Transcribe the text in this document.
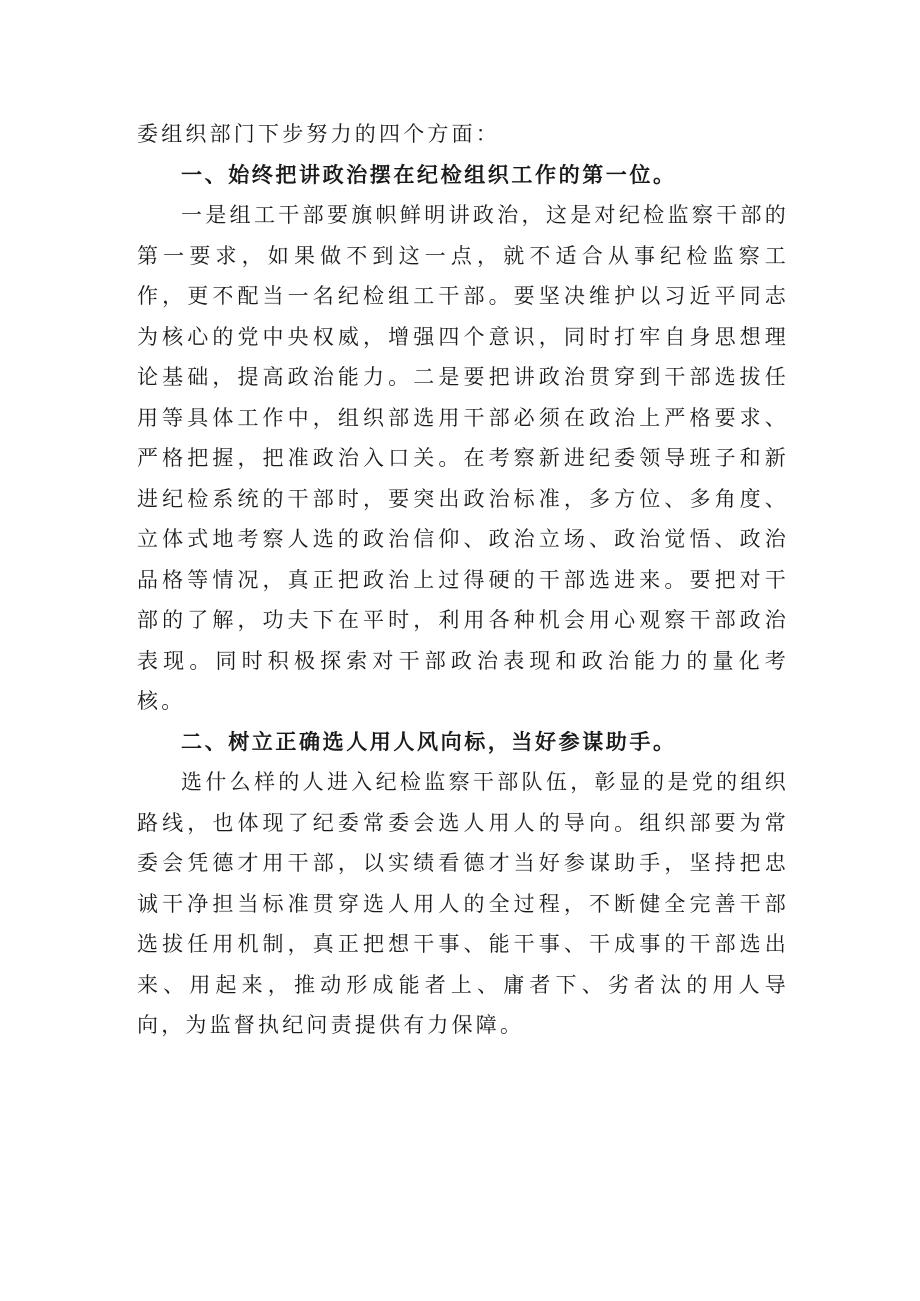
委组织部门下步努力的四个方面：

一、始终把讲政治摆在纪检组织工作的第一位。

一是组工干部要旗帜鲜明讲政治，这是对纪检监察干部的第一要求，如果做不到这一点，就不适合从事纪检监察工作，更不配当一名纪检组工干部。要坚决维护以习近平同志为核心的党中央权威，增强四个意识，同时打牢自身思想理论基础，提高政治能力。二是要把讲政治贯穿到干部选拔任用等具体工作中，组织部选用干部必须在政治上严格要求、严格把握，把准政治入口关。在考察新进纪委领导班子和新进纪检系统的干部时，要突出政治标准，多方位、多角度、立体式地考察人选的政治信仰、政治立场、政治觉悟、政治品格等情况，真正把政治上过得硬的干部选进来。要把对干部的了解，功夫下在平时，利用各种机会用心观察干部政治表现。同时积极探索对干部政治表现和政治能力的量化考核。

二、树立正确选人用人风向标，当好参谋助手。

选什么样的人进入纪检监察干部队伍，彰显的是党的组织路线，也体现了纪委常委会选人用人的导向。组织部要为常委会凭德才用干部，以实绩看德才当好参谋助手，坚持把忠诚干净担当标准贯穿选人用人的全过程，不断健全完善干部选拔任用机制，真正把想干事、能干事、干成事的干部选出来、用起来，推动形成能者上、庸者下、劣者汰的用人导向，为监督执纪问责提供有力保障。
